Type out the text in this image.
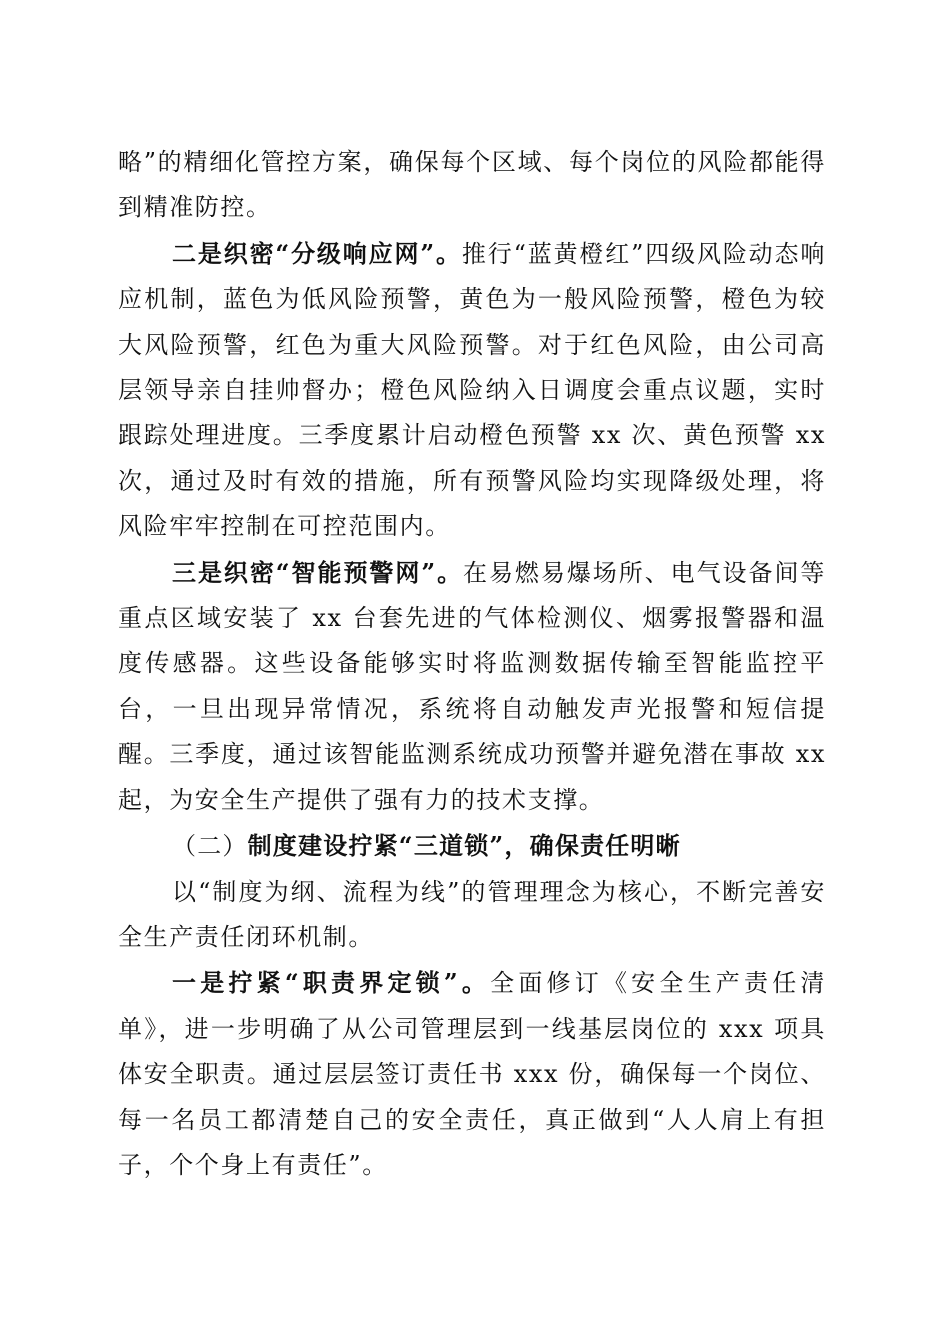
略”的精细化管控方案，确保每个区域、每个岗位的风险都能得到精准防控。

二是织密“分级响应网”。推行“蓝黄橙红”四级风险动态响应机制，蓝色为低风险预警，黄色为一般风险预警，橙色为较大风险预警，红色为重大风险预警。对于红色风险，由公司高层领导亲自挂帅督办；橙色风险纳入日调度会重点议题，实时跟踪处理进度。三季度累计启动橙色预警 xx 次、黄色预警 xx 次，通过及时有效的措施，所有预警风险均实现降级处理，将风险牢牢控制在可控范围内。

三是织密“智能预警网”。在易燃易爆场所、电气设备间等重点区域安装了 xx 台套先进的气体检测仪、烟雾报警器和温度传感器。这些设备能够实时将监测数据传输至智能监控平台，一旦出现异常情况，系统将自动触发声光报警和短信提醒。三季度，通过该智能监测系统成功预警并避免潜在事故 xx 起，为安全生产提供了强有力的技术支撑。

（二）制度建设拧紧“三道锁”，确保责任明晰

以“制度为纲、流程为线”的管理理念为核心，不断完善安全生产责任闭环机制。

一是拧紧“职责界定锁”。全面修订《安全生产责任清单》，进一步明确了从公司管理层到一线基层岗位的 xxx 项具体安全职责。通过层层签订责任书 xxx 份，确保每一个岗位、每一名员工都清楚自己的安全责任，真正做到“人人肩上有担子，个个身上有责任”。
